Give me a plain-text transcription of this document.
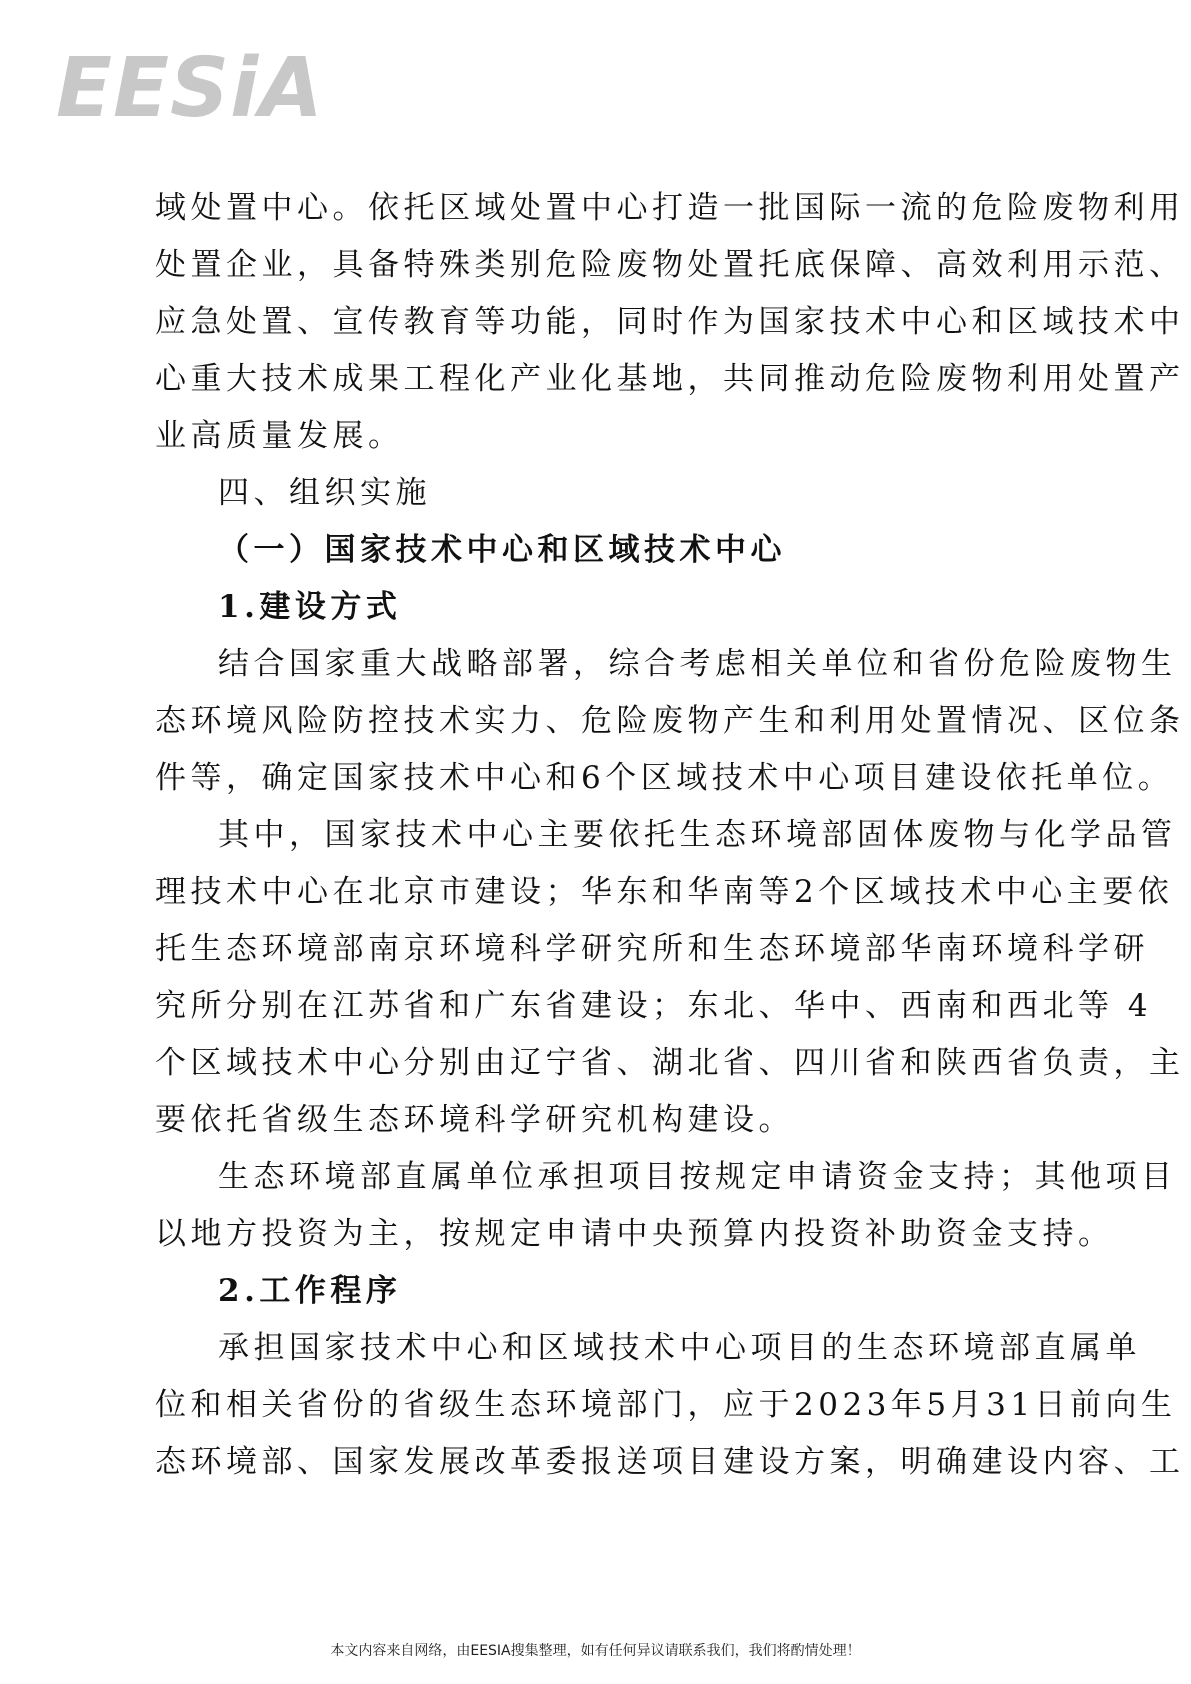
EESiA
域处置中心。依托区域处置中心打造一批国际一流的危险废物利用
处置企业，具备特殊类别危险废物处置托底保障、高效利用示范、
应急处置、宣传教育等功能，同时作为国家技术中心和区域技术中
心重大技术成果工程化产业化基地，共同推动危险废物利用处置产
业高质量发展。
四、组织实施
（一）国家技术中心和区域技术中心
1.建设方式
结合国家重大战略部署，综合考虑相关单位和省份危险废物生
态环境风险防控技术实力、危险废物产生和利用处置情况、区位条
件等，确定国家技术中心和6个区域技术中心项目建设依托单位。
其中，国家技术中心主要依托生态环境部固体废物与化学品管
理技术中心在北京市建设；华东和华南等2个区域技术中心主要依
托生态环境部南京环境科学研究所和生态环境部华南环境科学研
究所分别在江苏省和广东省建设；东北、华中、西南和西北等 4
个区域技术中心分别由辽宁省、湖北省、四川省和陕西省负责，主
要依托省级生态环境科学研究机构建设。
生态环境部直属单位承担项目按规定申请资金支持；其他项目
以地方投资为主，按规定申请中央预算内投资补助资金支持。
2.工作程序
承担国家技术中心和区域技术中心项目的生态环境部直属单
位和相关省份的省级生态环境部门，应于2023年5月31日前向生
态环境部、国家发展改革委报送项目建设方案，明确建设内容、工
本文内容来自网络，由EESIA搜集整理，如有任何异议请联系我们，我们将酌情处理！
